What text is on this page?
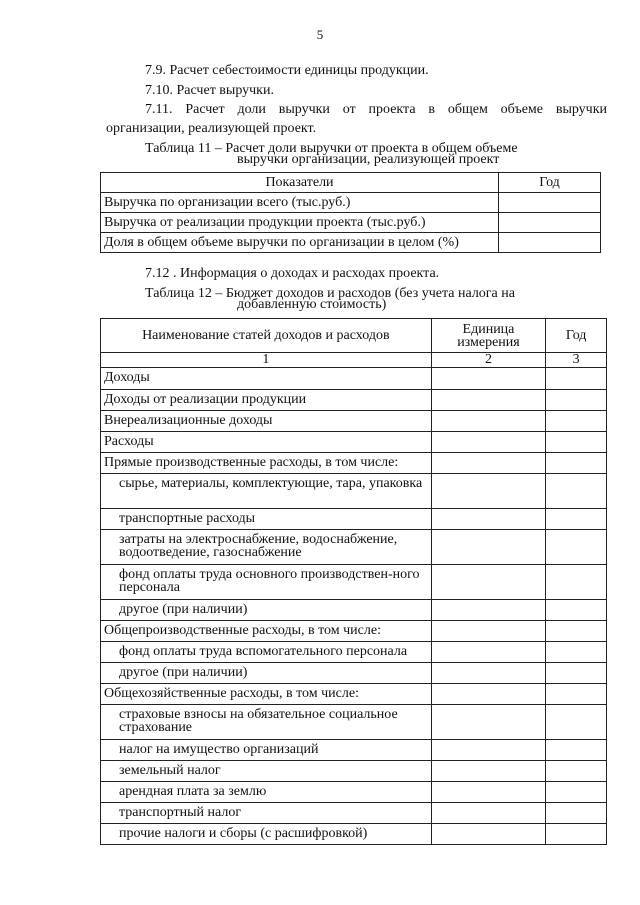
5
7.9. Расчет себестоимости единицы продукции.
7.10. Расчет выручки.
7.11. Расчет доли выручки от проекта в общем объеме выручки
организации, реализующей проект.
Таблица 11 – Расчет доли выручки от проекта в общем объеме
выручки организации, реализующей проект
Показатели	Год
Выручка по организации всего (тыс.руб.)	
Выручка от реализации продукции проекта (тыс.руб.)	
Доля в общем объеме выручки по организации в целом (%)	
7.12 . Информация о доходах и расходах проекта.
Таблица 12 – Бюджет доходов и расходов (без учета налога на
добавленную стоимость)
Наименование статей доходов и расходов	Единица измерения	Год
1	2	3
Доходы		
Доходы от реализации продукции		
Внереализационные доходы		
Расходы		
Прямые производственные расходы, в том числе:		
сырье, материалы, комплектующие, тара, упаковка		
транспортные расходы		
затраты на электроснабжение, водоснабжение, водоотведение, газоснабжение		
фонд оплаты труда основного производствен-ного персонала		
другое (при наличии)		
Общепроизводственные расходы, в том числе:		
фонд оплаты труда вспомогательного персонала		
другое (при наличии)		
Общехозяйственные расходы, в том числе:		
страховые взносы на обязательное социальное страхование		
налог на имущество организаций		
земельный налог		
арендная плата за землю		
транспортный налог		
прочие налоги и сборы (с расшифровкой)		
